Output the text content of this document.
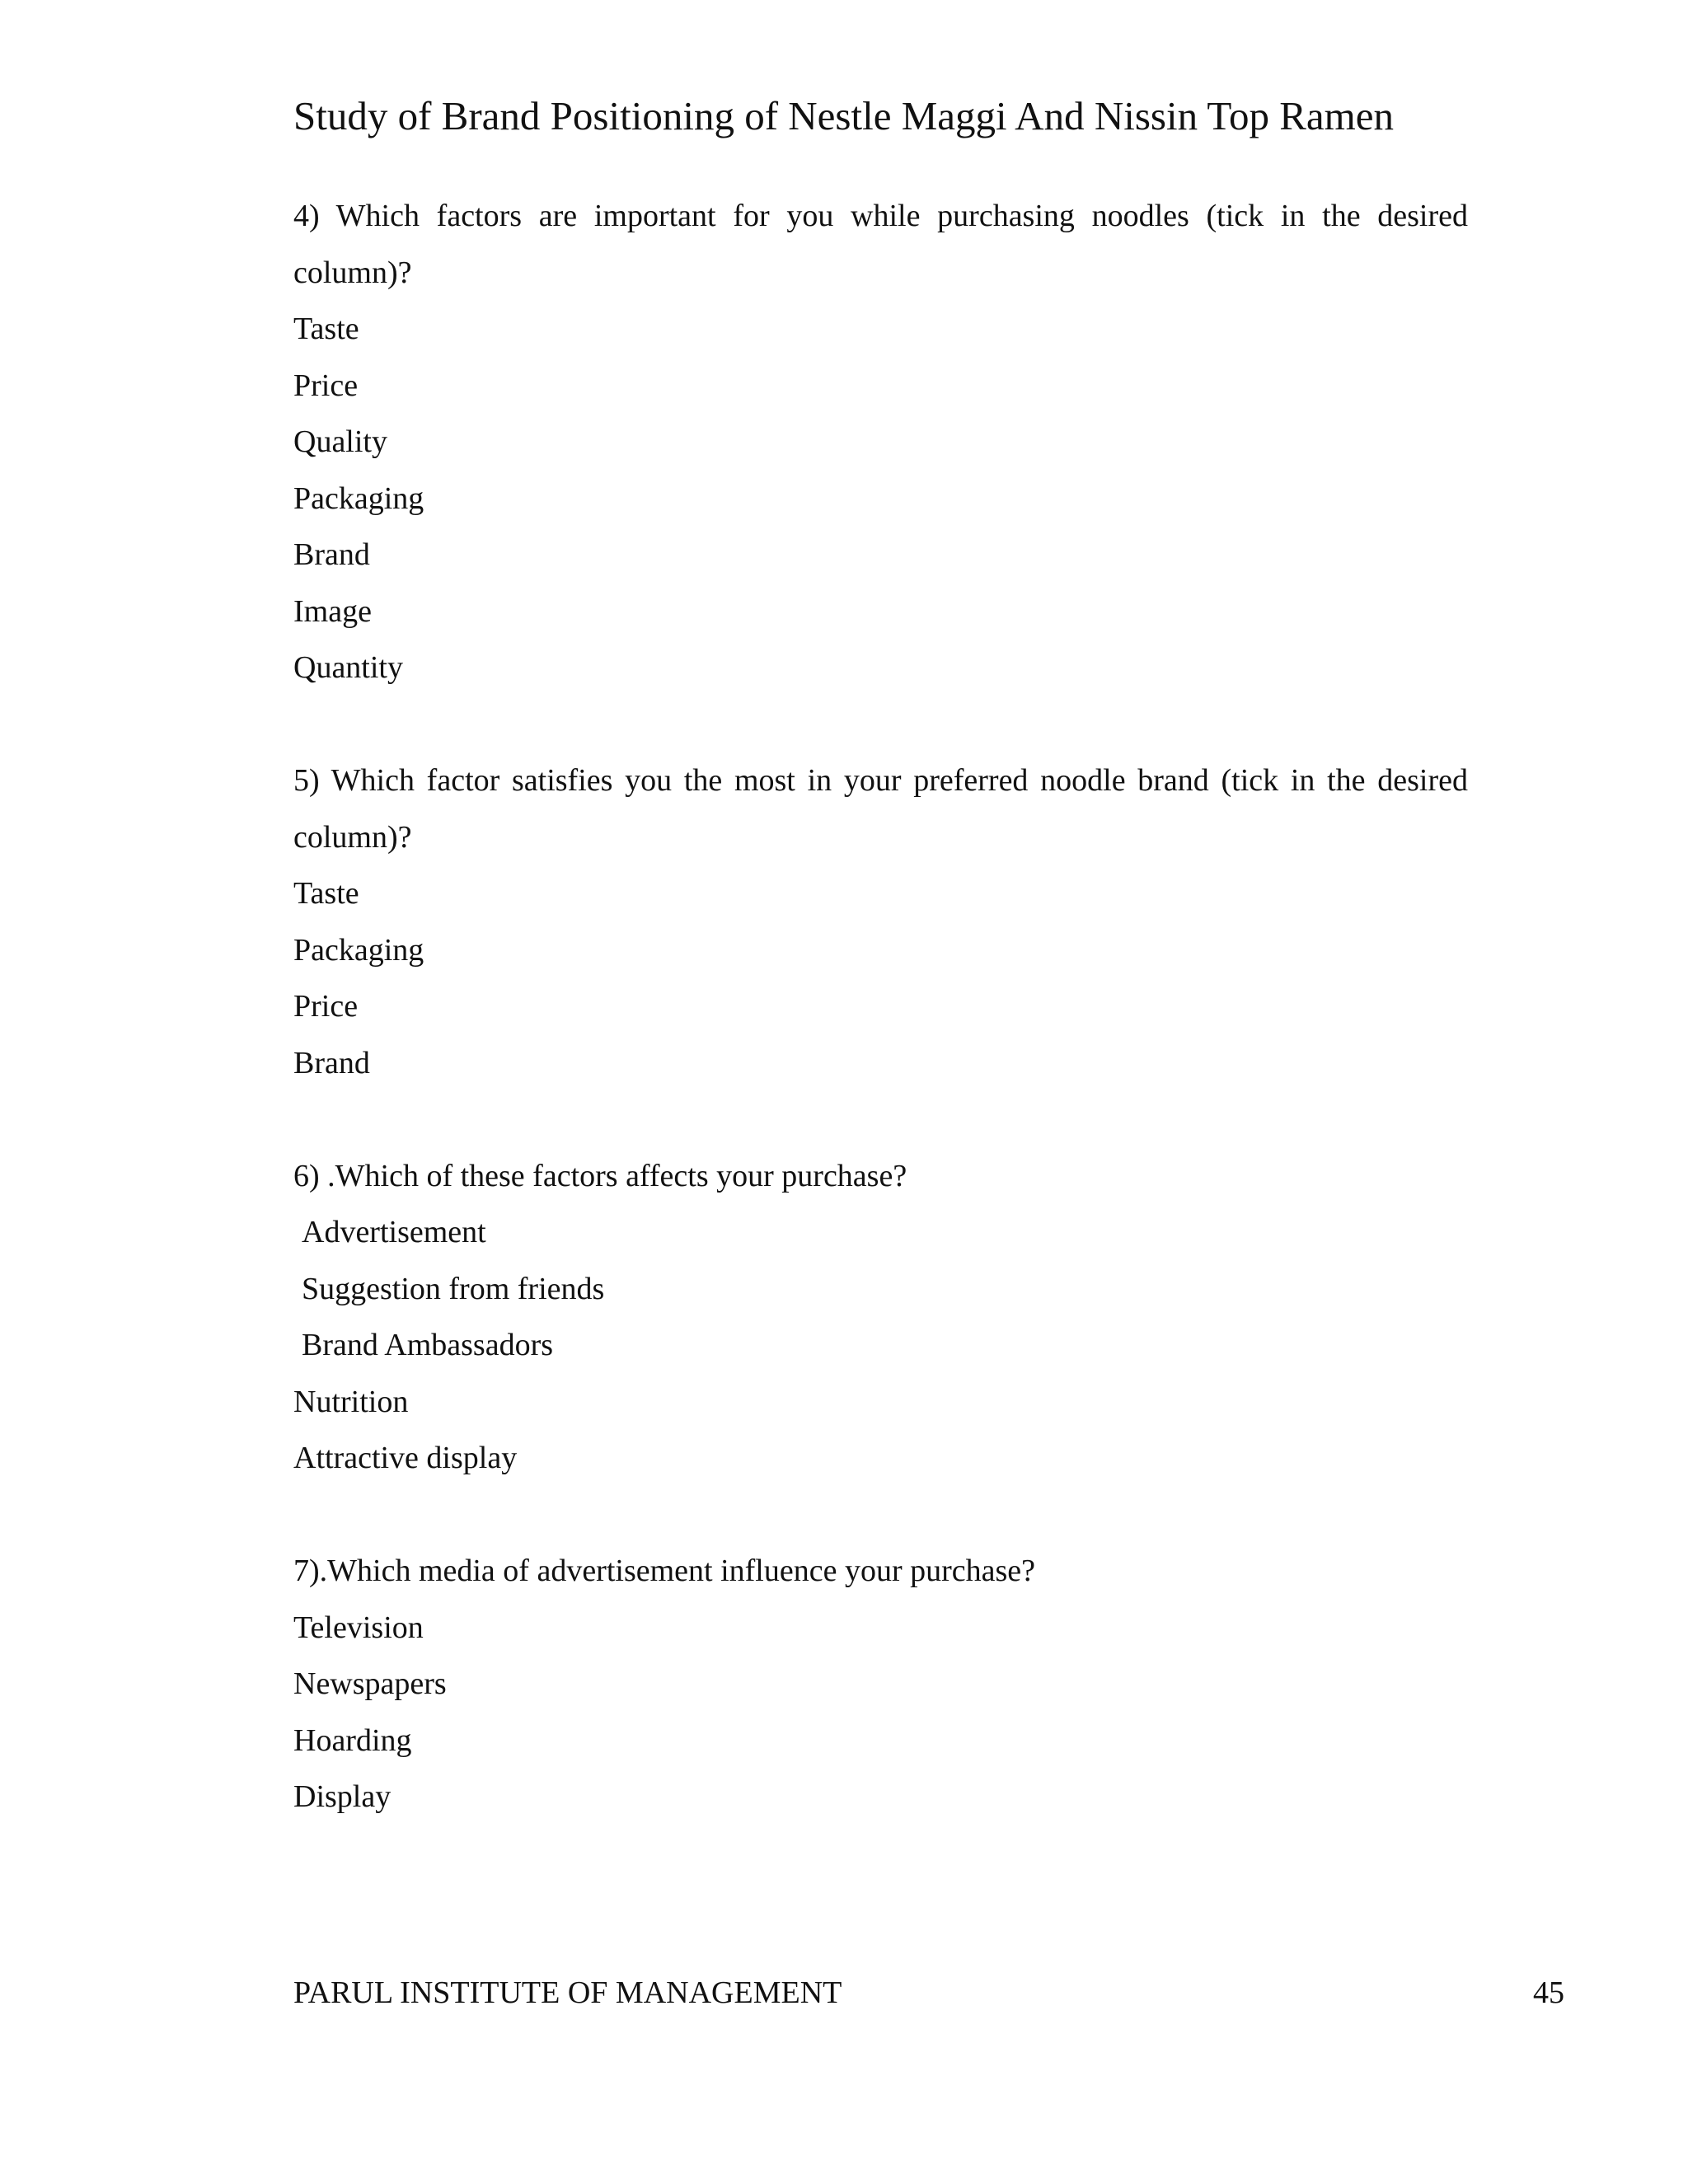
Study of Brand Positioning of Nestle Maggi And Nissin Top Ramen
4) Which factors are important for you while purchasing noodles (tick in the desired
column)?
Taste
Price
Quality
Packaging
Brand
Image
Quantity
5) Which factor satisfies you the most in your preferred noodle brand (tick in the desired
column)?
Taste
Packaging
Price
Brand
6) .Which of these factors affects your purchase?
Advertisement
Suggestion from friends
Brand Ambassadors
Nutrition
Attractive display
7).Which media of advertisement influence your purchase?
Television
Newspapers
Hoarding
Display
PARUL INSTITUTE OF MANAGEMENT	45
